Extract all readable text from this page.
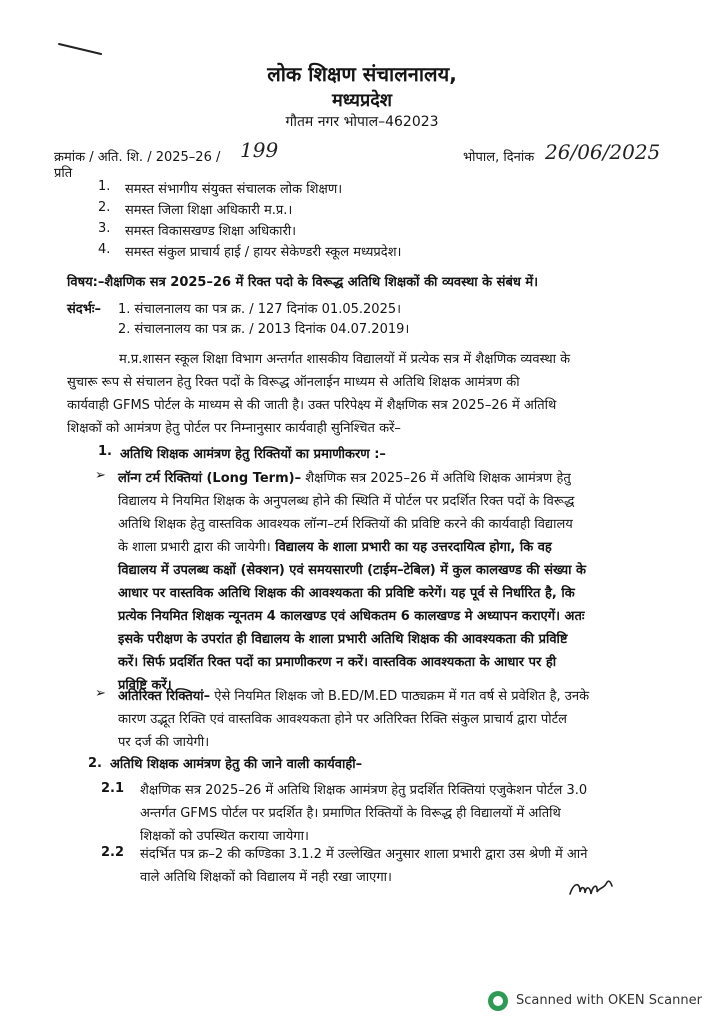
लोक शिक्षण संचालनालय,
मध्यप्रदेश
गौतम नगर भोपाल–462023
क्रमांक / अति. शि. / 2025–26 / 199
प्रति
भोपाल, दिनांक 26/06/2025
1. समस्त संभागीय संयुक्त संचालक लोक शिक्षण।
2. समस्त जिला शिक्षा अधिकारी म.प्र.।
3. समस्त विकासखण्ड शिक्षा अधिकारी।
4. समस्त संकुल प्राचार्य हाई / हायर सेकेण्डरी स्कूल मध्यप्रदेश।
विषय:–शैक्षणिक सत्र 2025–26 में रिक्त पदो के विरूद्ध अतिथि शिक्षकों की व्यवस्था के संबंध में।
संदर्भः– 1. संचालनालय का पत्र क्र. / 127 दिनांक 01.05.2025।
2. संचालनालय का पत्र क्र. / 2013 दिनांक 04.07.2019।
म.प्र.शासन स्कूल शिक्षा विभाग अन्तर्गत शासकीय विद्यालयों में प्रत्येक सत्र में शैक्षणिक व्यवस्था के
सुचारू रूप से संचालन हेतु रिक्त पदों के विरूद्ध ऑनलाईन माध्यम से अतिथि शिक्षक आमंत्रण की
कार्यवाही GFMS पोर्टल के माध्यम से की जाती है। उक्त परिपेक्ष्य में शैक्षणिक सत्र 2025–26 में अतिथि
शिक्षकों को आमंत्रण हेतु पोर्टल पर निम्नानुसार कार्यवाही सुनिश्चित करें–
1. अतिथि शिक्षक आमंत्रण हेतु रिक्तियों का प्रमाणीकरण :–
➢ लॉन्ग टर्म रिक्तियां (Long Term)– शैक्षणिक सत्र 2025–26 में अतिथि शिक्षक आमंत्रण हेतु
विद्यालय मे नियमित शिक्षक के अनुपलब्ध होने की स्थिति में पोर्टल पर प्रदर्शित रिक्त पदों के विरूद्ध
अतिथि शिक्षक हेतु वास्तविक आवश्यक लॉन्ग–टर्म रिक्तियों की प्रविष्टि करने की कार्यवाही विद्यालय
के शाला प्रभारी द्वारा की जायेगी। विद्यालय के शाला प्रभारी का यह उत्तरदायित्व होगा, कि वह
विद्यालय में उपलब्ध कक्षों (सेक्शन) एवं समयसारणी (टाईम–टेबिल) में कुल कालखण्ड की संख्या के
आधार पर वास्तविक अतिथि शिक्षक की आवश्यकता की प्रविष्टि करेगें। यह पूर्व से निर्धारित है, कि
प्रत्येक नियमित शिक्षक न्यूनतम 4 कालखण्ड एवं अधिकतम 6 कालखण्ड मे अध्यापन कराएगें। अतः
इसके परीक्षण के उपरांत ही विद्यालय के शाला प्रभारी अतिथि शिक्षक की आवश्यकता की प्रविष्टि
करें। सिर्फ प्रदर्शित रिक्त पदों का प्रमाणीकरण न करें। वास्तविक आवश्यकता के आधार पर ही
प्रविष्टि करें।
➢ अतिरिक्त रिक्तियां– ऐसे नियमित शिक्षक जो B.ED/M.ED पाठ्यक्रम में गत वर्ष से प्रवेशित है, उनके
कारण उद्भूत रिक्ति एवं वास्तविक आवश्यकता होने पर अतिरिक्त रिक्ति संकुल प्राचार्य द्वारा पोर्टल
पर दर्ज की जायेगी।
2. अतिथि शिक्षक आमंत्रण हेतु की जाने वाली कार्यवाही–
2.1 शैक्षणिक सत्र 2025–26 में अतिथि शिक्षक आमंत्रण हेतु प्रदर्शित रिक्तियां एजुकेशन पोर्टल 3.0
अन्तर्गत GFMS पोर्टल पर प्रदर्शित है। प्रमाणित रिक्तियों के विरूद्ध ही विद्यालयों में अतिथि
शिक्षकों को उपस्थित कराया जायेगा।
2.2 संदर्भित पत्र क्र–2 की कण्डिका 3.1.2 में उल्लेखित अनुसार शाला प्रभारी द्वारा उस श्रेणी में आने
वाले अतिथि शिक्षकों को विद्यालय में नही रखा जाएगा।
Scanned with OKEN Scanner
